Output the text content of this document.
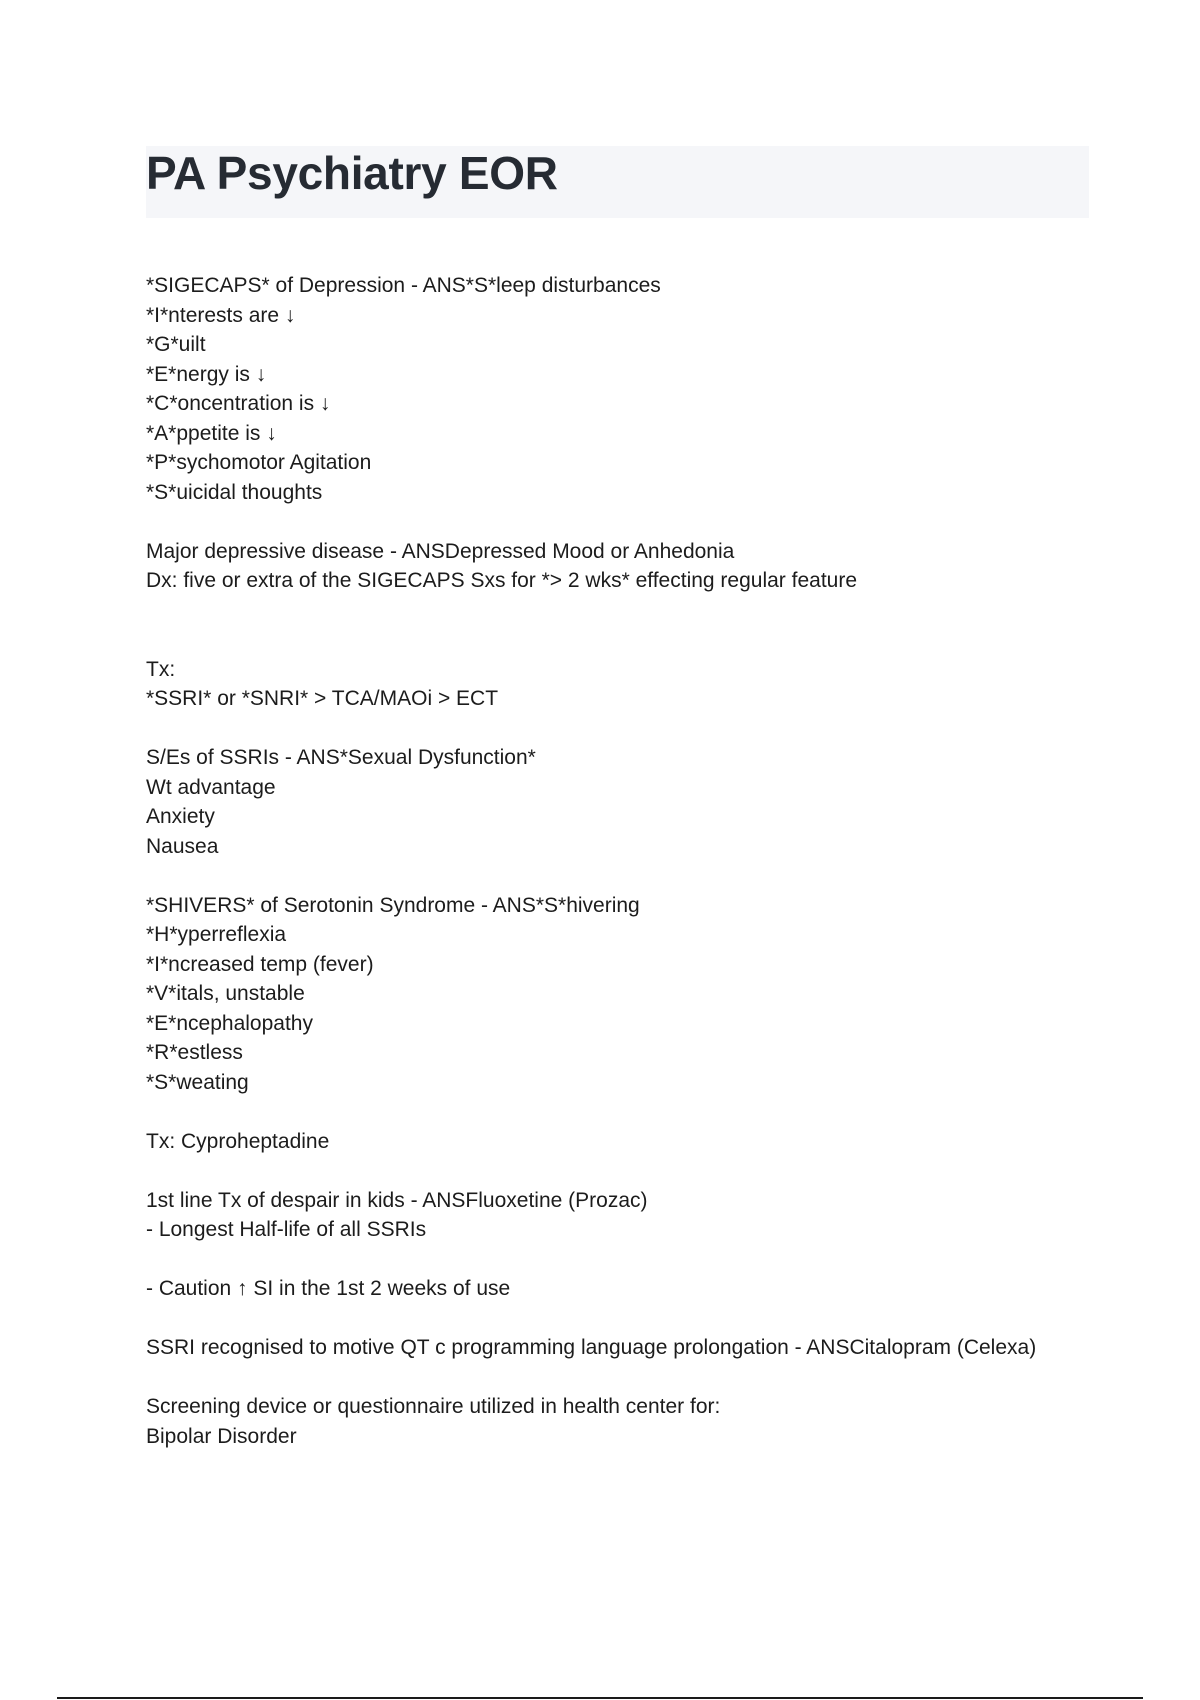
PA Psychiatry EOR
*SIGECAPS* of Depression - ANS*S*leep disturbances
*I*nterests are ↓
*G*uilt
*E*nergy is ↓
*C*oncentration is ↓
*A*ppetite is ↓
*P*sychomotor Agitation
*S*uicidal thoughts
Major depressive disease - ANSDepressed Mood or Anhedonia
Dx: five or extra of the SIGECAPS Sxs for *> 2 wks* effecting regular feature
Tx:
*SSRI* or *SNRI* > TCA/MAOi > ECT
S/Es of SSRIs - ANS*Sexual Dysfunction*
Wt advantage
Anxiety
Nausea
*SHIVERS* of Serotonin Syndrome - ANS*S*hivering
*H*yperreflexia
*I*ncreased temp (fever)
*V*itals, unstable
*E*ncephalopathy
*R*estless
*S*weating
Tx: Cyproheptadine
1st line Tx of despair in kids - ANSFluoxetine (Prozac)
- Longest Half-life of all SSRIs
- Caution ↑ SI in the 1st 2 weeks of use
SSRI recognised to motive QT c programming language prolongation - ANSCitalopram (Celexa)
Screening device or questionnaire utilized in health center for:
Bipolar Disorder
